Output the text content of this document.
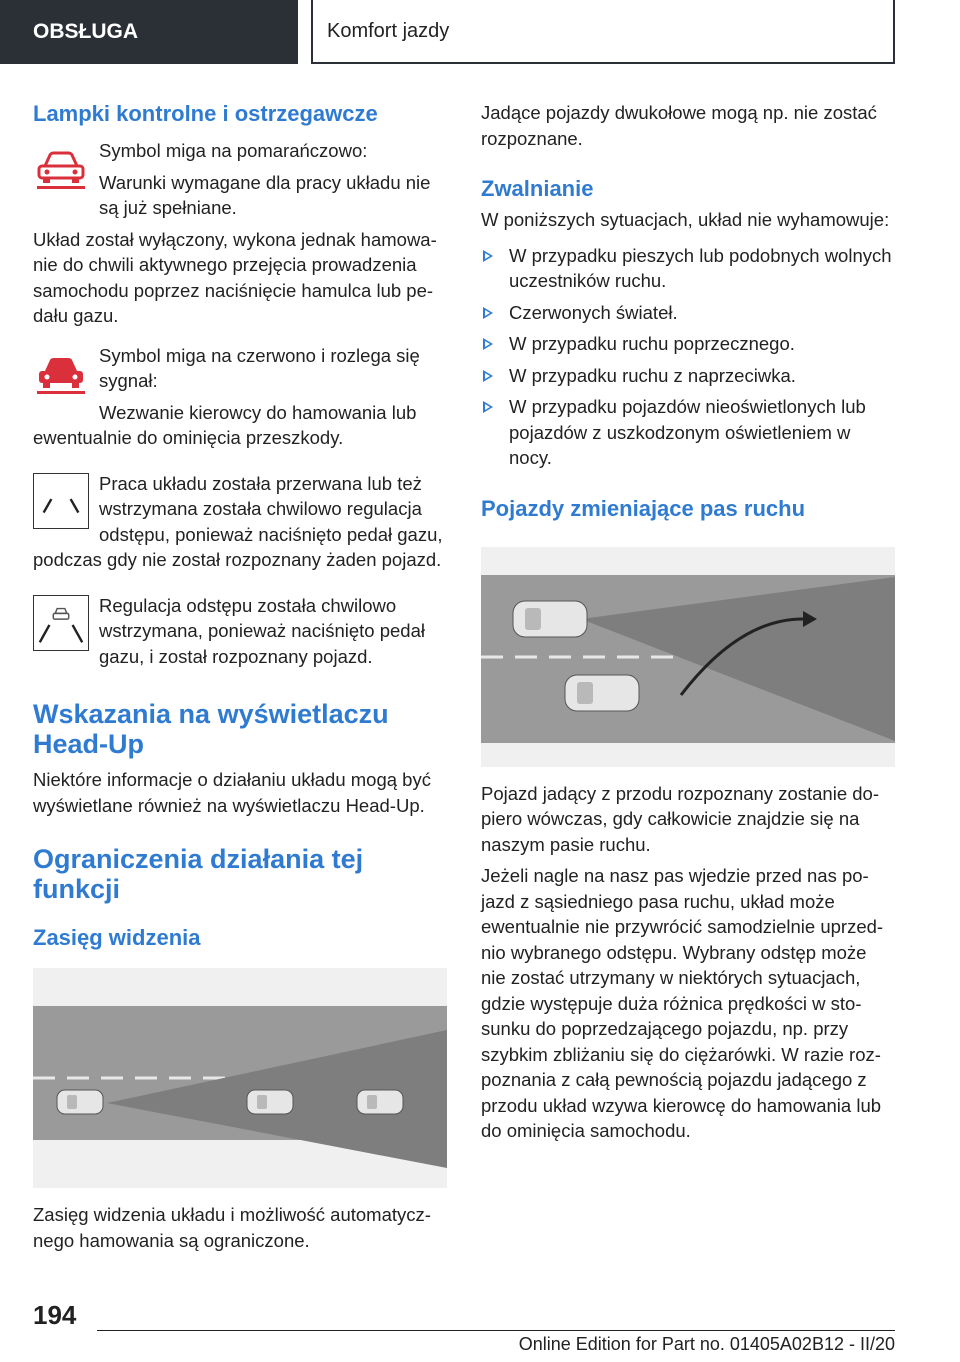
OBSŁUGA	Komfort jazdy
Lampki kontrolne i ostrzegawcze

Symbol miga na pomarańczowo:

Warunki wymagane dla pracy układu nie są już spełniane.

Układ został wyłączony, wykona jednak hamowanie do chwili aktywnego przejęcia prowadzenia samochodu poprzez naciśnięcie hamulca lub pedału gazu.

Symbol miga na czerwono i rozlega się sygnał:

Wezwanie kierowcy do hamowania lub ewentualnie do ominięcia przeszkody.

Praca układu została przerwana lub też wstrzymana została chwilowo regulacja odstępu, ponieważ naciśnięto pedał gazu, podczas gdy nie został rozpoznany żaden pojazd.

Regulacja odstępu została chwilowo wstrzymana, ponieważ naciśnięto pedał gazu, i został rozpoznany pojazd.

Wskazania na wyświetlaczu Head-Up

Niektóre informacje o działaniu układu mogą być wyświetlane również na wyświetlaczu Head-Up.

Ograniczenia działania tej funkcji
Zasięg widzenia

Zasięg widzenia układu i możliwość automatycznego hamowania są ograniczone.

Jadące pojazdy dwukołowe mogą np. nie zostać rozpoznane.

Zwalnianie

W poniższych sytuacjach, układ nie wyhamowuje:

W przypadku pieszych lub podobnych wolnych uczestników ruchu.
Czerwonych świateł.
W przypadku ruchu poprzecznego.
W przypadku ruchu z naprzeciwka.
W przypadku pojazdów nieoświetlonych lub pojazdów z uszkodzonym oświetleniem w nocy.
Pojazdy zmieniające pas ruchu

Pojazd jadący z przodu rozpoznany zostanie dopiero wówczas, gdy całkowicie znajdzie się na naszym pasie ruchu.

Jeżeli nagle na nasz pas wjedzie przed nas pojazd z sąsiedniego pasa ruchu, układ może ewentualnie nie przywrócić samodzielnie uprzednio wybranego odstępu. Wybrany odstęp może nie zostać utrzymany w niektórych sytuacjach, gdzie występuje duża różnica prędkości w stosunku do poprzedzającego pojazdu, np. przy szybkim zbliżaniu się do ciężarówki. W razie rozpoznania z całą pewnością pojazdu jadącego z przodu układ wzywa kierowcę do hamowania lub do ominięcia samochodu.

194
Online Edition for Part no. 01405A02B12 - II/20
